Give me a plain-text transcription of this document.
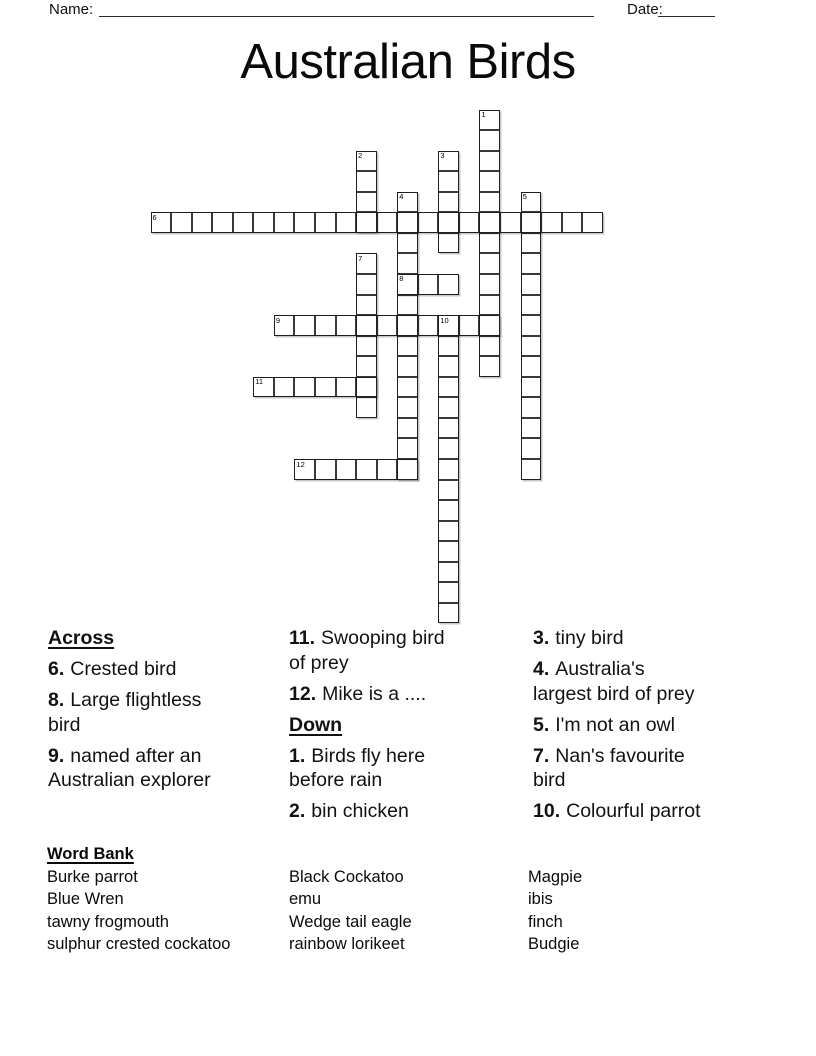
Name:	Date:
Australian Birds
1
2	3
4	5
6
7
8
9	10
11
12

Across

6. Crested bird

8. Large flightless bird

9. named after an Australian explorer

11. Swooping bird of prey

12. Mike is a ....

Down

1. Birds fly here before rain

2. bin chicken

3. tiny bird

4. Australia's largest bird of prey

5. I'm not an owl

7. Nan's favourite bird

10. Colourful parrot

Word Bank

Burke parrot

Blue Wren

tawny frogmouth

sulphur crested cockatoo

Black Cockatoo

emu

Wedge tail eagle

rainbow lorikeet

Magpie

ibis

finch

Budgie
